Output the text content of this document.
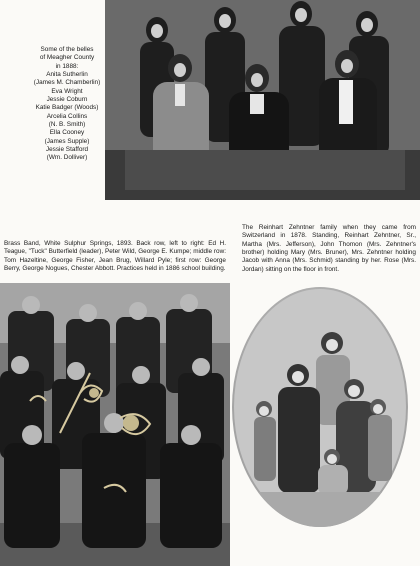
Some of the belles
of Meagher County
in 1888:
Anita Sutherlin
(James M. Chamberlin)
Eva Wright
Jessie Coburn
Katie Badger (Woods)
Arcelia Collins
(N. B. Smith)
Ella Cooney
(James Supple)
Jessie Stafford
(Wm. Dolliver)
The Reinhart Zehntner family when they came from Switzerland in 1878. Standing, Reinhart Zehntner, Sr., Martha (Mrs. Jefferson), John Thomon (Mrs. Zehntner's brother) holding Mary (Mrs. Bruner), Mrs. Zehntner holding Jacob with Anna (Mrs. Schmid) standing by her. Rose (Mrs. Jordan) sitting on the floor in front.
Brass Band, White Sulphur Springs, 1893. Back row, left to right: Ed H. Teague, "Tuck" Butterfield (leader), Peter Wild, George E. Kumpe; middle row: Tom Hazeltine, George Fisher, Jean Brug, Willard Pyle; first row: George Berry, George Nogues, Chester Abbott. Practices held in 1886 school building.
